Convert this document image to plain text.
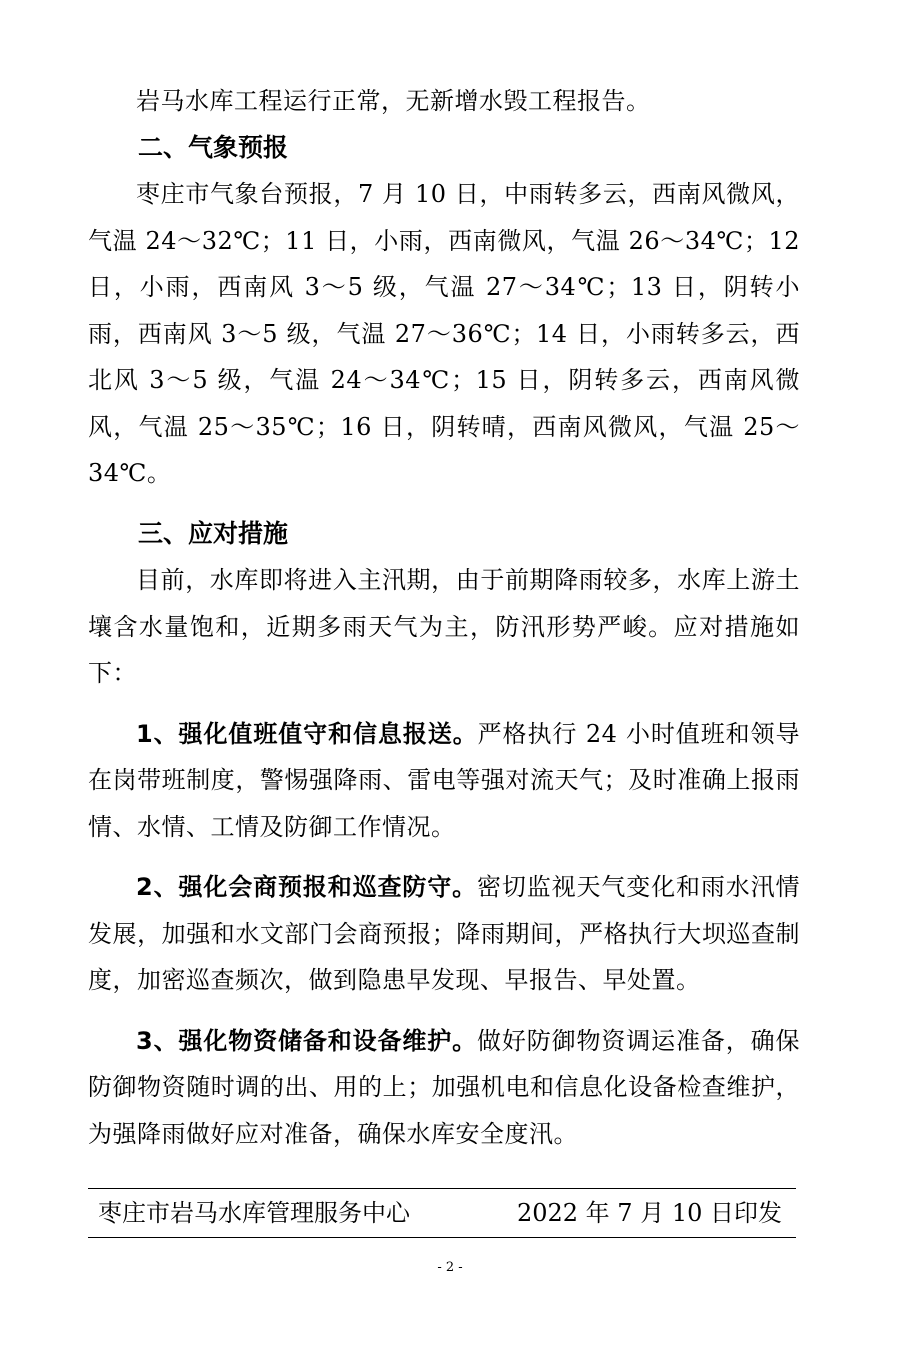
岩马水库工程运行正常，无新增水毁工程报告。

二、气象预报

枣庄市气象台预报，7 月 10 日，中雨转多云，西南风微风，气温 24～32℃；11 日，小雨，西南微风，气温 26～34℃；12 日，小雨，西南风 3～5 级，气温 27～34℃；13 日，阴转小雨，西南风 3～5 级，气温 27～36℃；14 日，小雨转多云，西北风 3～5 级，气温 24～34℃；15 日，阴转多云，西南风微风，气温 25～35℃；16 日，阴转晴，西南风微风，气温 25～34℃。

三、应对措施

目前，水库即将进入主汛期，由于前期降雨较多，水库上游土壤含水量饱和，近期多雨天气为主，防汛形势严峻。应对措施如下：

1、强化值班值守和信息报送。严格执行 24 小时值班和领导在岗带班制度，警惕强降雨、雷电等强对流天气；及时准确上报雨情、水情、工情及防御工作情况。

2、强化会商预报和巡查防守。密切监视天气变化和雨水汛情发展，加强和水文部门会商预报；降雨期间，严格执行大坝巡查制度，加密巡查频次，做到隐患早发现、早报告、早处置。

3、强化物资储备和设备维护。做好防御物资调运准备，确保防御物资随时调的出、用的上；加强机电和信息化设备检查维护，为强降雨做好应对准备，确保水库安全度汛。

枣庄市岩马水库管理服务中心	2022 年 7 月 10 日印发
- 2 -
